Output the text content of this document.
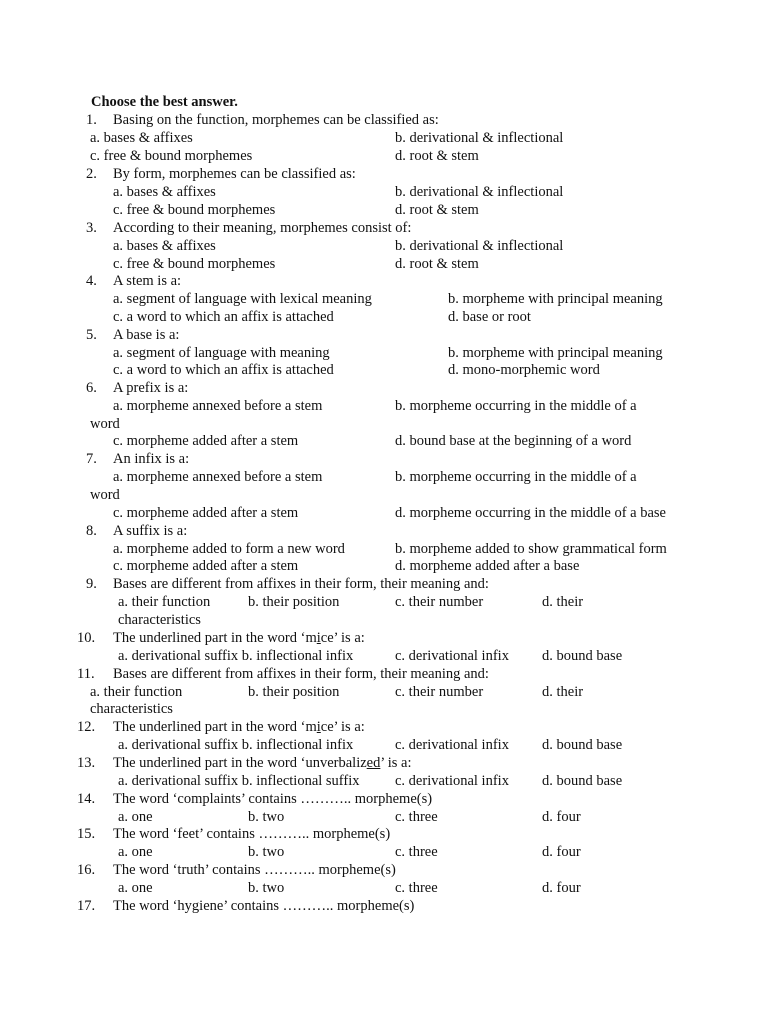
Choose the best answer.
1. Basing on the function, morphemes can be classified as:
a. bases & affixes	b. derivational & inflectional
c. free & bound morphemes	d. root & stem
2. By form, morphemes can be classified as:
a. bases & affixes	b. derivational & inflectional
c. free & bound morphemes	d. root & stem
3. According to their meaning, morphemes consist of:
a. bases & affixes	b. derivational & inflectional
c. free & bound morphemes	d. root & stem
4. A stem is a:
a. segment of language with lexical meaning	b. morpheme with principal meaning
c. a word to which an affix is attached	d. base or root
5. A base is a:
a. segment of language with meaning	b. morpheme with principal meaning
c. a word to which an affix is attached	d. mono-morphemic word
6. A prefix is a:
a. morpheme annexed before a stem	b. morpheme occurring in the middle of a
word
c. morpheme added after a stem	d. bound base at the beginning of a word
7. An infix is a:
a. morpheme annexed before a stem	b. morpheme occurring in the middle of a
word
c. morpheme added after a stem	d. morpheme occurring in the middle of a base
8. A suffix is a:
a. morpheme added to form a new word	b. morpheme added to show grammatical form
c. morpheme added after a stem	d. morpheme added after a base
9. Bases are different from affixes in their form, their meaning and:
a. their function	b. their position	c. their number	d. their
characteristics
10. The underlined part in the word ‘mice’ is a:
a. derivational suffix b. inflectional infix	c. derivational infix d. bound base
11. Bases are different from affixes in their form, their meaning and:
a. their function	b. their position	c. their number	d. their
characteristics
12. The underlined part in the word ‘mice’ is a:
a. derivational suffix b. inflectional infix	c. derivational infix d. bound base
13. The underlined part in the word ‘unverbalized’ is a:
a. derivational suffix b. inflectional suffix c. derivational infix d. bound base
14. The word ‘complaints’ contains ……….. morpheme(s)
a. one	b. two	c. three	d. four
15. The word ‘feet’ contains ……….. morpheme(s)
a. one	b. two	c. three	d. four
16. The word ‘truth’ contains ……….. morpheme(s)
a. one	b. two	c. three	d. four
17. The word ‘hygiene’ contains ……….. morpheme(s)
